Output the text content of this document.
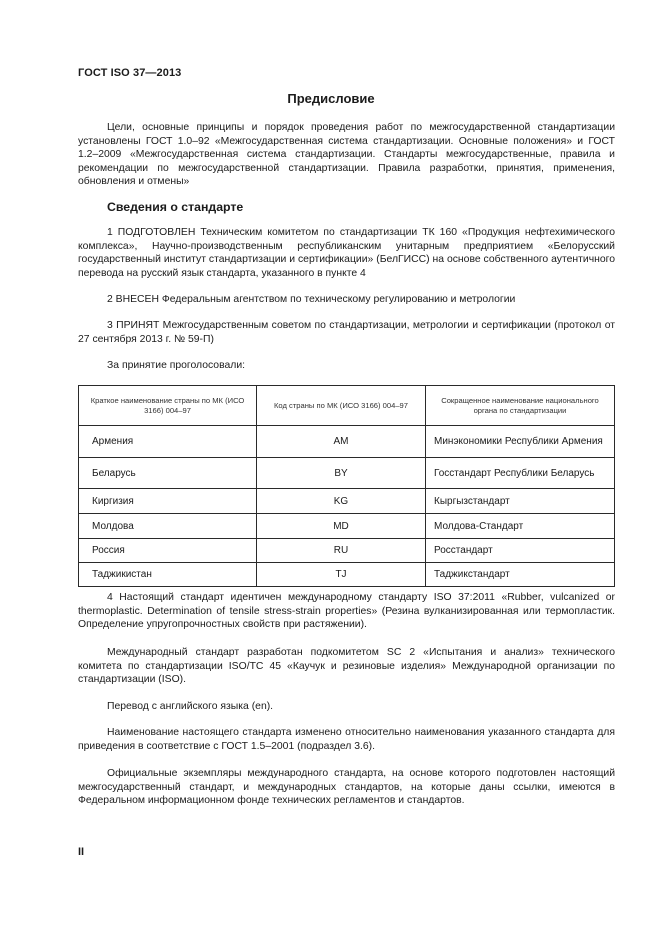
ГОСТ ISO 37—2013
Предисловие

Цели, основные принципы и порядок проведения работ по межгосударственной стандартизации установлены ГОСТ 1.0–92 «Межгосударственная система стандартизации. Основные положения» и ГОСТ 1.2–2009 «Межгосударственная система стандартизации. Стандарты межгосударственные, правила и рекомендации по межгосударственной стандартизации. Правила разработки, принятия, применения, обновления и отмены»

Сведения о стандарте

1 ПОДГОТОВЛЕН Техническим комитетом по стандартизации ТК 160 «Продукция нефтехимического комплекса», Научно-производственным республиканским унитарным предприятием «Белорусский государственный институт стандартизации и сертификации» (БелГИСС) на основе собственного аутентичного перевода на русский язык стандарта, указанного в пункте 4

2 ВНЕСЕН Федеральным агентством по техническому регулированию и метрологии

3 ПРИНЯТ Межгосударственным советом по стандартизации, метрологии и сертификации (протокол от 27 сентября 2013 г. № 59-П)

За принятие проголосовали:

Краткое наименование страны по МК (ИСО 3166) 004–97	Код страны по МК (ИСО 3166) 004–97	Сокращенное наименование национального органа по стандартизации
Армения	AM	Минэкономики Республики Армения
Беларусь	BY	Госстандарт Республики Беларусь
Киргизия	KG	Кыргызстандарт
Молдова	MD	Молдова-Стандарт
Россия	RU	Росстандарт
Таджикистан	TJ	Таджикстандарт

4 Настоящий стандарт идентичен международному стандарту ISO 37:2011 «Rubber, vulcanized or thermoplastic. Determination of tensile stress-strain properties» (Резина вулканизированная или термопластик. Определение упругопрочностных свойств при растяжении).

Международный стандарт разработан подкомитетом SC 2 «Испытания и анализ» технического комитета по стандартизации ISO/TC 45 «Каучук и резиновые изделия» Международной организации по стандартизации (ISO).

Перевод с английского языка (en).

Наименование настоящего стандарта изменено относительно наименования указанного стандарта для приведения в соответствие с ГОСТ 1.5–2001 (подраздел 3.6).

Официальные экземпляры международного стандарта, на основе которого подготовлен настоящий межгосударственный стандарт, и международных стандартов, на которые даны ссылки, имеются в Федеральном информационном фонде технических регламентов и стандартов.

II
